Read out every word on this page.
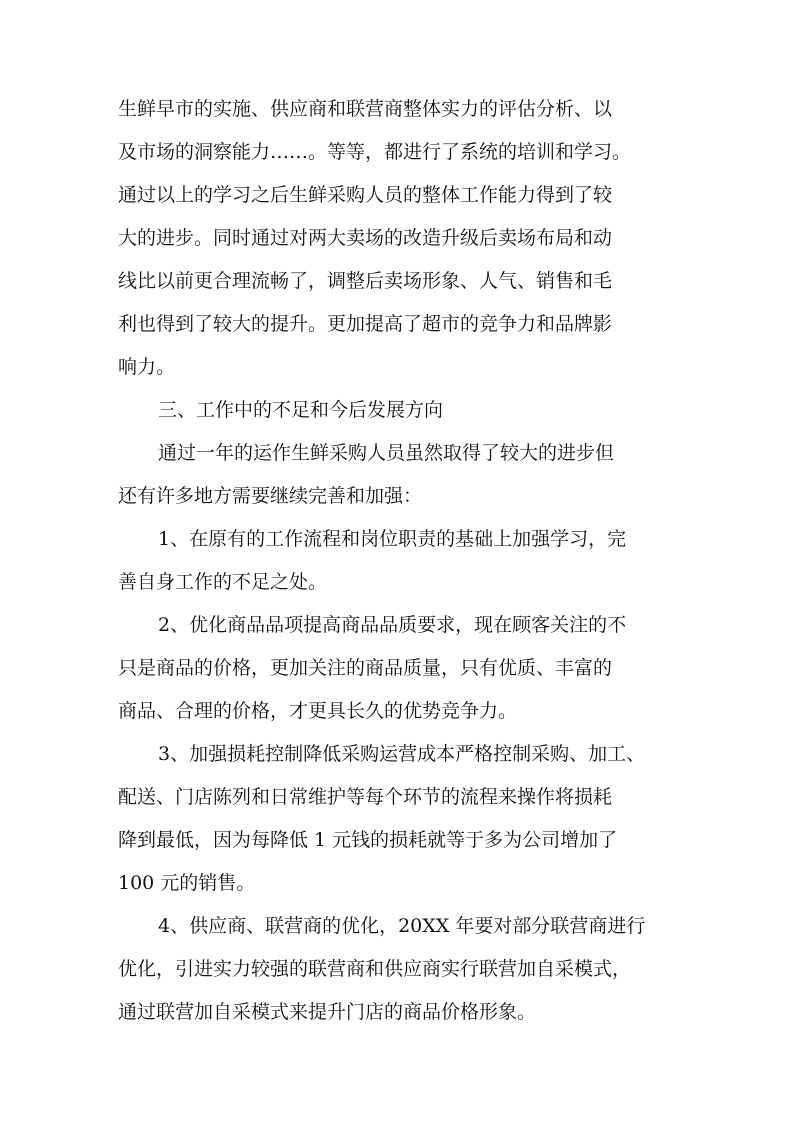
生鲜早市的实施、供应商和联营商整体实力的评估分析、以
及市场的洞察能力……。等等，都进行了系统的培训和学习。
通过以上的学习之后生鲜采购人员的整体工作能力得到了较
大的进步。同时通过对两大卖场的改造升级后卖场布局和动
线比以前更合理流畅了，调整后卖场形象、人气、销售和毛
利也得到了较大的提升。更加提高了超市的竞争力和品牌影
响力。
三、工作中的不足和今后发展方向
通过一年的运作生鲜采购人员虽然取得了较大的进步但
还有许多地方需要继续完善和加强：
1、在原有的工作流程和岗位职责的基础上加强学习，完
善自身工作的不足之处。
2、优化商品品项提高商品品质要求，现在顾客关注的不
只是商品的价格，更加关注的商品质量，只有优质、丰富的
商品、合理的价格，才更具长久的优势竞争力。
3、加强损耗控制降低采购运营成本严格控制采购、加工、
配送、门店陈列和日常维护等每个环节的流程来操作将损耗
降到最低，因为每降低 1 元钱的损耗就等于多为公司增加了
100 元的销售。
4、供应商、联营商的优化，20XX 年要对部分联营商进行
优化，引进实力较强的联营商和供应商实行联营加自采模式，
通过联营加自采模式来提升门店的商品价格形象。
